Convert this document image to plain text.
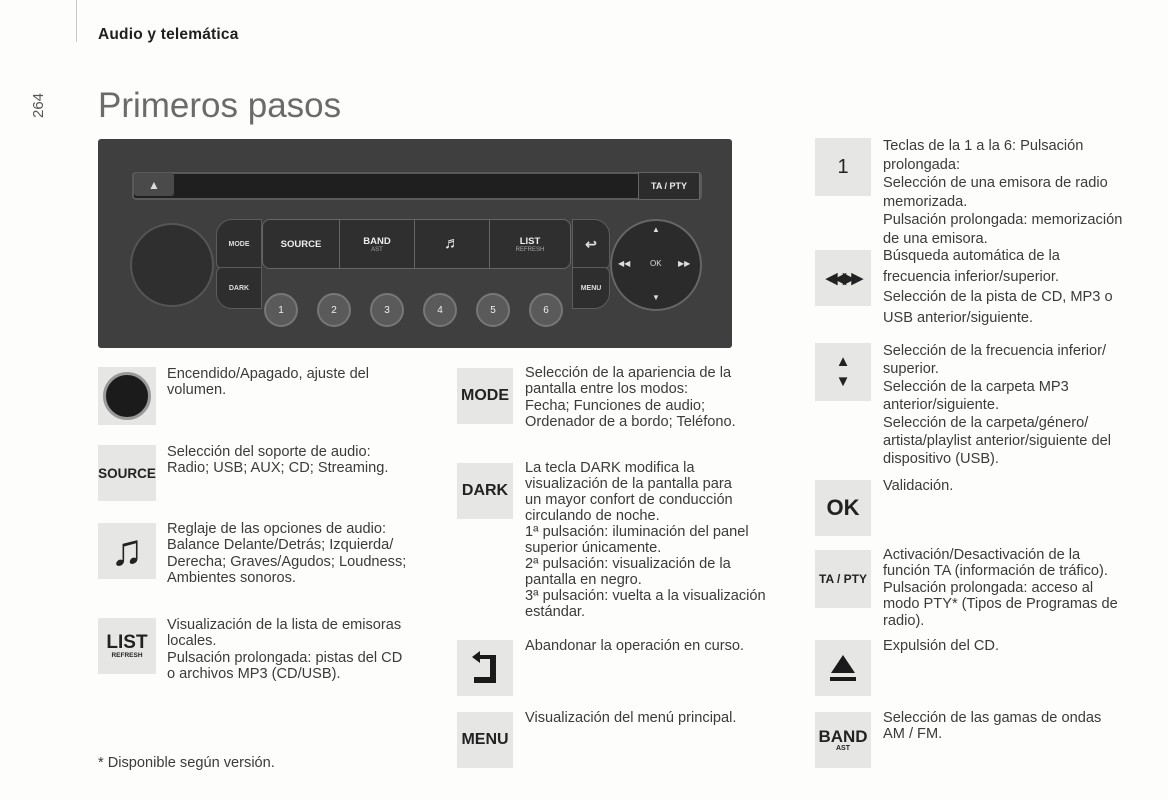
Audio y telemática
264 Primeros pasos
▲	TA / PTY
MODE
DARK
SOURCE	BAND
AST	♬	LIST
REFRESH	↩
MENU
▲
▼
◀◀	▶▶
OK
1	2	3	4	5	6

Encendido/Apagado, ajuste del
volumen.

SOURCE

Selección del soporte de audio:
Radio; USB; AUX; CD; Streaming.

♫	Reglaje de las opciones de audio:
Balance Delante/Detrás; Izquierda/
Derecha; Graves/Agudos; Loudness;
Ambientes sonoros.

LIST
REFRESH

Visualización de la lista de emisoras
locales.
Pulsación prolongada: pistas del CD
o archivos MP3 (CD/USB).

MODE

Selección de la apariencia de la
pantalla entre los modos:
Fecha; Funciones de audio;
Ordenador de a bordo; Teléfono.

DARK

La tecla DARK modifica la
visualización de la pantalla para
un mayor confort de conducción
circulando de noche.
1ª pulsación: iluminación del panel
superior únicamente.
2ª pulsación: visualización de la
pantalla en negro.
3ª pulsación: vuelta a la visualización
estándar.

Abandonar la operación en curso.

MENU

Visualización del menú principal.

1

Teclas de la 1 a la 6: Pulsación
prolongada:
Selección de una emisora de radio
memorizada.
Pulsación prolongada: memorización
de una emisora.

◀◀▶▶

Búsqueda automática de la
frecuencia inferior/superior.
Selección de la pista de CD, MP3 o
USB anterior/siguiente.

▲
▼

Selección de la frecuencia inferior/
superior.
Selección de la carpeta MP3
anterior/siguiente.
Selección de la carpeta/género/
artista/playlist anterior/siguiente del
dispositivo (USB).

OK

Validación.

TA / PTY

Activación/Desactivación de la
función TA (información de tráfico).
Pulsación prolongada: acceso al
modo PTY* (Tipos de Programas de
radio).

Expulsión del CD.

BAND
AST

Selección de las gamas de ondas
AM / FM.

* Disponible según versión.
